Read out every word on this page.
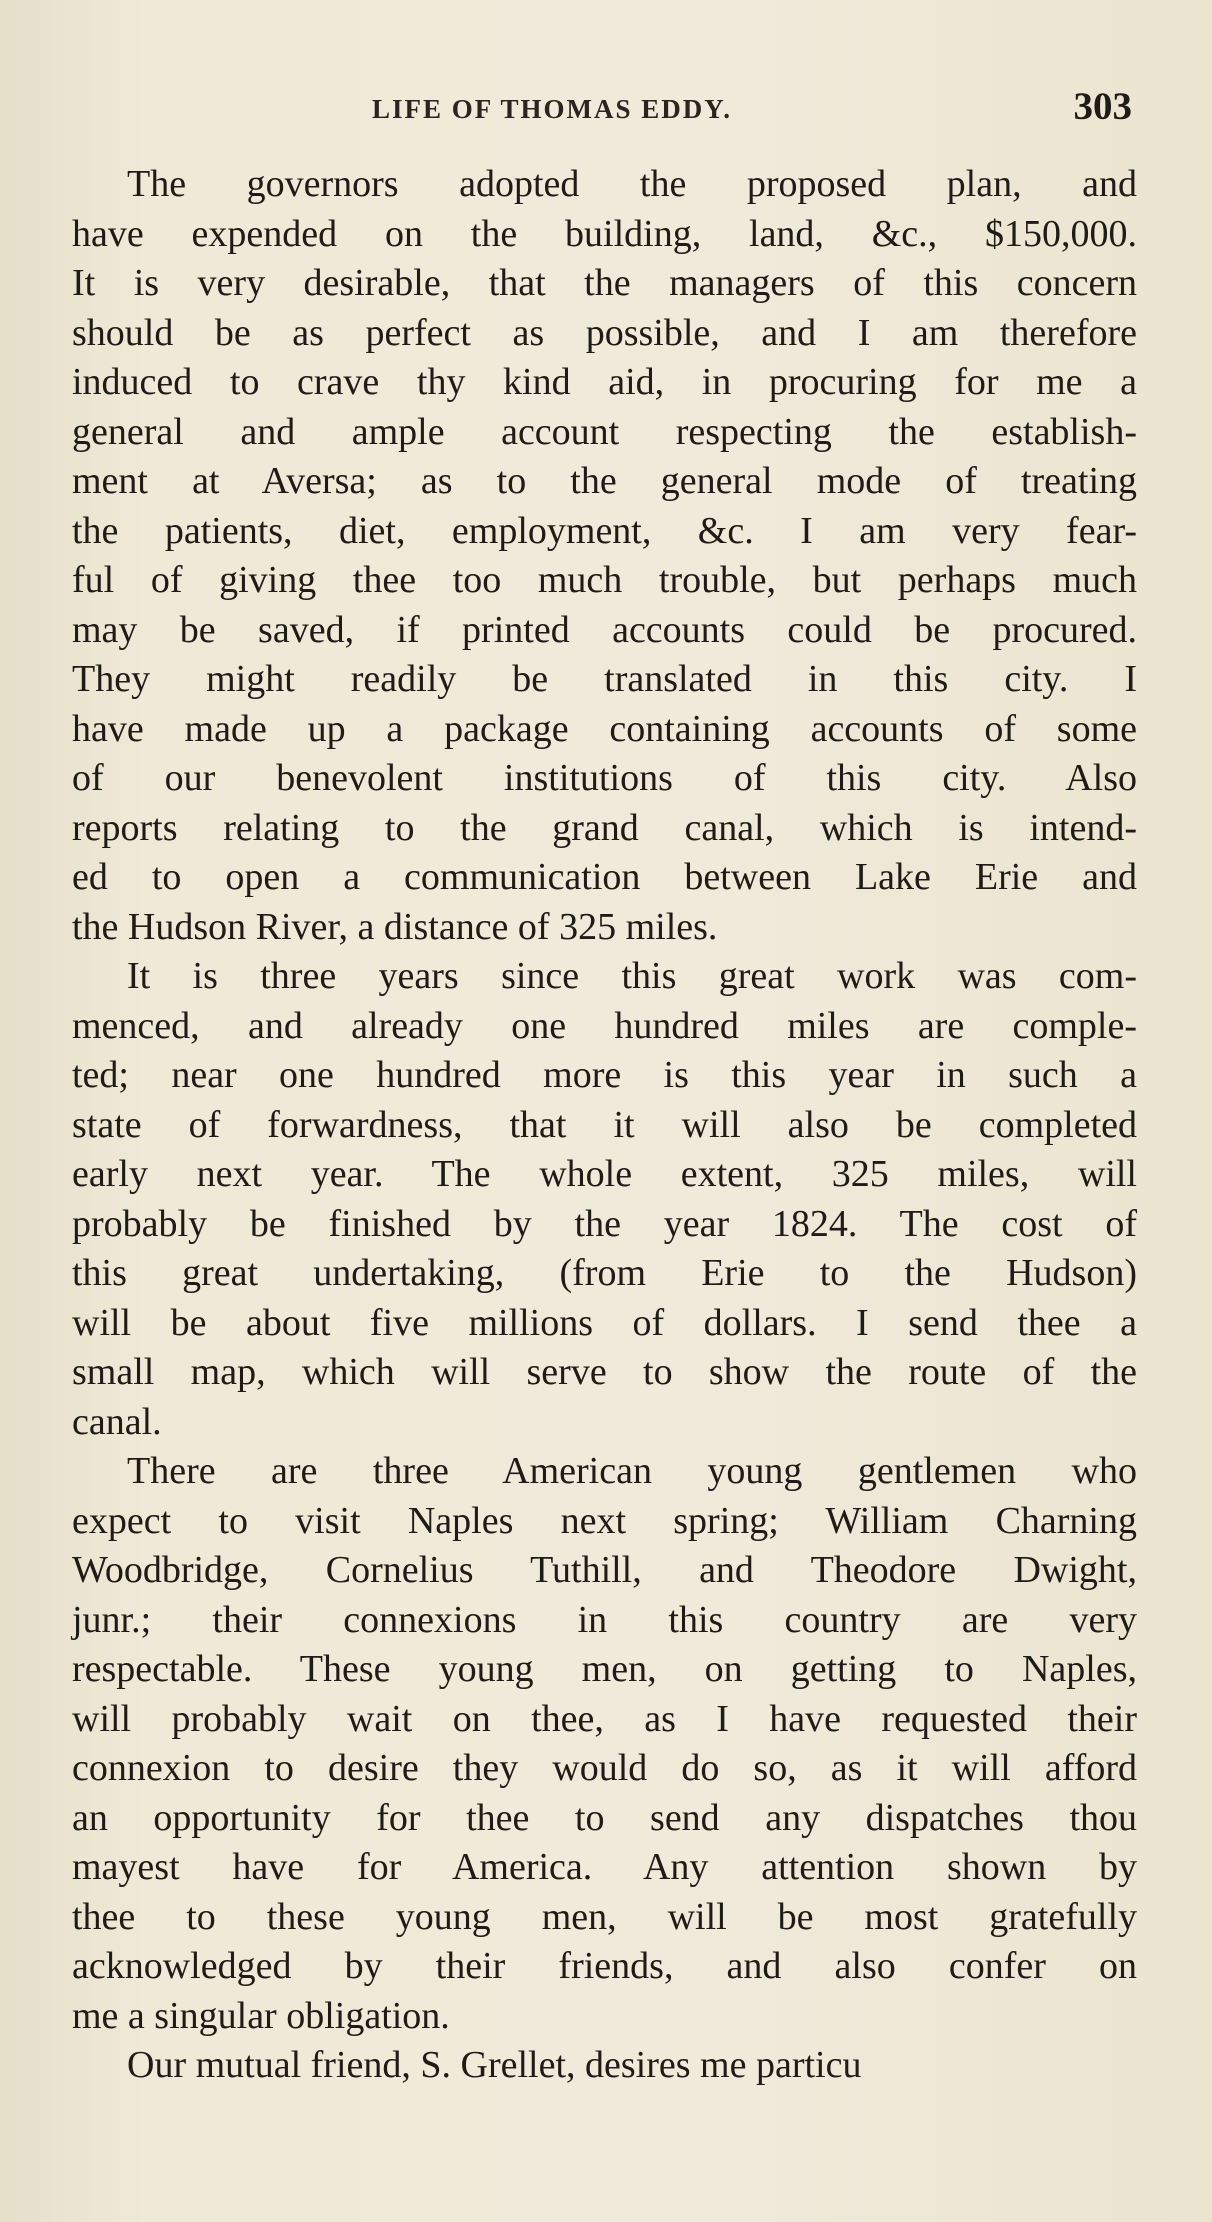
LIFE OF THOMAS EDDY.	303
The governors adopted the proposed plan, and
have expended on the building, land, &c., $150,000.
It is very desirable, that the managers of this concern
should be as perfect as possible, and I am therefore
induced to crave thy kind aid, in procuring for me a
general and ample account respecting the establish-
ment at Aversa; as to the general mode of treating
the patients, diet, employment, &c. I am very fear-
ful of giving thee too much trouble, but perhaps much
may be saved, if printed accounts could be procured.
They might readily be translated in this city. I
have made up a package containing accounts of some
of our benevolent institutions of this city. Also
reports relating to the grand canal, which is intend-
ed to open a communication between Lake Erie and
the Hudson River, a distance of 325 miles.
It is three years since this great work was com-
menced, and already one hundred miles are comple-
ted; near one hundred more is this year in such a
state of forwardness, that it will also be completed
early next year. The whole extent, 325 miles, will
probably be finished by the year 1824. The cost of
this great undertaking, (from Erie to the Hudson)
will be about five millions of dollars. I send thee a
small map, which will serve to show the route of the
canal.
There are three American young gentlemen who
expect to visit Naples next spring; William Charning
Woodbridge, Cornelius Tuthill, and Theodore Dwight,
junr.; their connexions in this country are very
respectable. These young men, on getting to Naples,
will probably wait on thee, as I have requested their
connexion to desire they would do so, as it will afford
an opportunity for thee to send any dispatches thou
mayest have for America. Any attention shown by
thee to these young men, will be most gratefully
acknowledged by their friends, and also confer on
me a singular obligation.
Our mutual friend, S. Grellet, desires me particu
